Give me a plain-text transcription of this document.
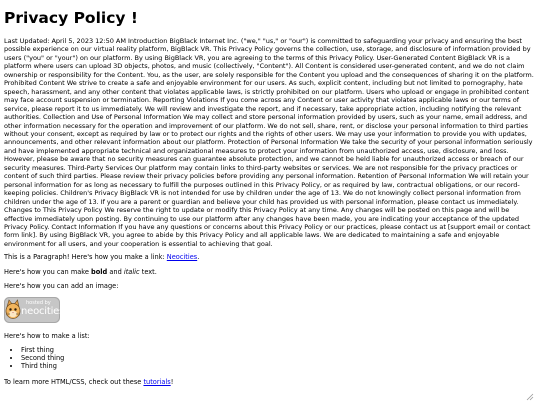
Privacy Policy !

Last Updated: April 5, 2023 12:50 AM Introduction BigBlack Internet Inc. ("we," "us," or "our") is committed to safeguarding your privacy and ensuring the best possible experience on our virtual reality platform, BigBlack VR. This Privacy Policy governs the collection, use, storage, and disclosure of information provided by users ("you" or "your") on our platform. By using BigBlack VR, you are agreeing to the terms of this Privacy Policy. User-Generated Content BigBlack VR is a platform where users can upload 3D objects, photos, and music (collectively, "Content"). All Content is considered user-generated content, and we do not claim ownership or responsibility for the Content. You, as the user, are solely responsible for the Content you upload and the consequences of sharing it on the platform. Prohibited Content We strive to create a safe and enjoyable environment for our users. As such, explicit content, including but not limited to pornography, hate speech, harassment, and any other content that violates applicable laws, is strictly prohibited on our platform. Users who upload or engage in prohibited content may face account suspension or termination. Reporting Violations If you come across any Content or user activity that violates applicable laws or our terms of service, please report it to us immediately. We will review and investigate the report, and if necessary, take appropriate action, including notifying the relevant authorities. Collection and Use of Personal Information We may collect and store personal information provided by users, such as your name, email address, and other information necessary for the operation and improvement of our platform. We do not sell, share, rent, or disclose your personal information to third parties without your consent, except as required by law or to protect our rights and the rights of other users. We may use your information to provide you with updates, announcements, and other relevant information about our platform. Protection of Personal Information We take the security of your personal information seriously and have implemented appropriate technical and organizational measures to protect your information from unauthorized access, use, disclosure, and loss. However, please be aware that no security measures can guarantee absolute protection, and we cannot be held liable for unauthorized access or breach of our security measures. Third-Party Services Our platform may contain links to third-party websites or services. We are not responsible for the privacy practices or content of such third parties. Please review their privacy policies before providing any personal information. Retention of Personal Information We will retain your personal information for as long as necessary to fulfill the purposes outlined in this Privacy Policy, or as required by law, contractual obligations, or our record-keeping policies. Children's Privacy BigBlack VR is not intended for use by children under the age of 13. We do not knowingly collect personal information from children under the age of 13. If you are a parent or guardian and believe your child has provided us with personal information, please contact us immediately. Changes to This Privacy Policy We reserve the right to update or modify this Privacy Policy at any time. Any changes will be posted on this page and will be effective immediately upon posting. By continuing to use our platform after any changes have been made, you are indicating your acceptance of the updated Privacy Policy. Contact Information If you have any questions or concerns about this Privacy Policy or our practices, please contact us at [support email or contact form link]. By using BigBlack VR, you agree to abide by this Privacy Policy and all applicable laws. We are dedicated to maintaining a safe and enjoyable environment for all users, and your cooperation is essential to achieving that goal.

This is a Paragraph! Here's how you make a link: Neocities.

Here's how you can make bold and italic text.

Here's how you can add an image:

hosted by
neocities

Here's how to make a list:

• First thing
• Second thing
• Third thing

To learn more HTML/CSS, check out these tutorials!
